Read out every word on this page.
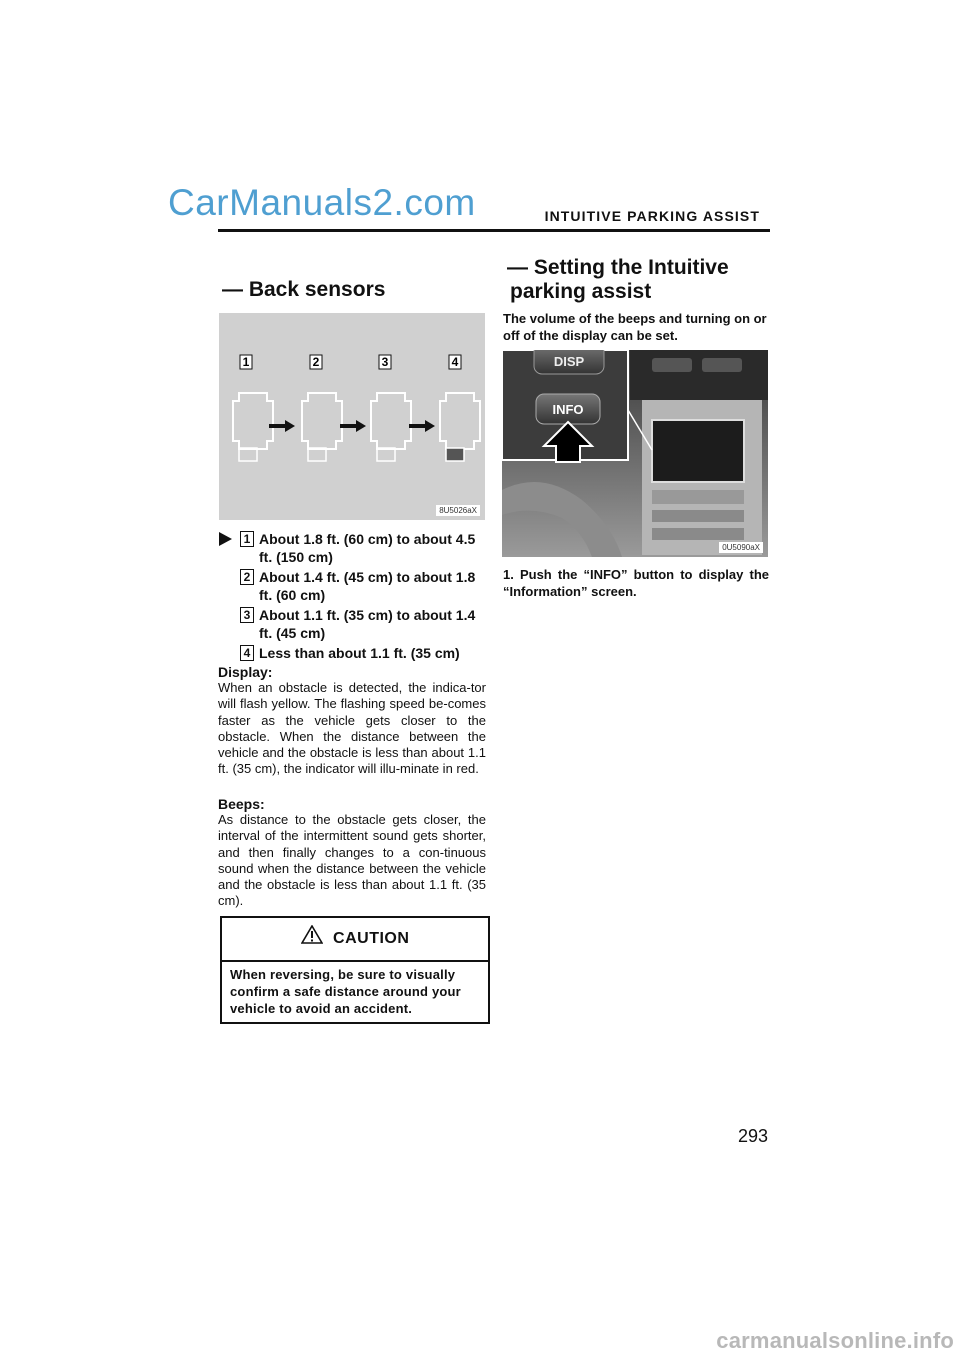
CarManuals2.com	INTUITIVE PARKING ASSIST
— Back sensors
1	2	3	4
8U5026aX
1 About 1.8 ft. (60 cm) to about 4.5 ft. (150 cm)
2 About 1.4 ft. (45 cm) to about 1.8 ft. (60 cm)
3 About 1.1 ft. (35 cm) to about 1.4 ft. (45 cm)
4 Less than about 1.1 ft. (35 cm)
Display:
When an obstacle is detected, the indica-tor will flash yellow. The flashing speed be-comes faster as the vehicle gets closer to the obstacle. When the distance between the vehicle and the obstacle is less than about 1.1 ft. (35 cm), the indicator will illu-minate in red.
Beeps:
As distance to the obstacle gets closer, the interval of the intermittent sound gets shorter, and then finally changes to a con-tinuous sound when the distance between the vehicle and the obstacle is less than about 1.1 ft. (35 cm).
CAUTION
When reversing, be sure to visually confirm a safe distance around your vehicle to avoid an accident.
— Setting the Intuitive
parking assist
The volume of the beeps and turning on or off of the display can be set.
DISP
INFO
0U5090aX
1. Push the “INFO” button to display the “Information” screen.
293
carmanualsonline.info
